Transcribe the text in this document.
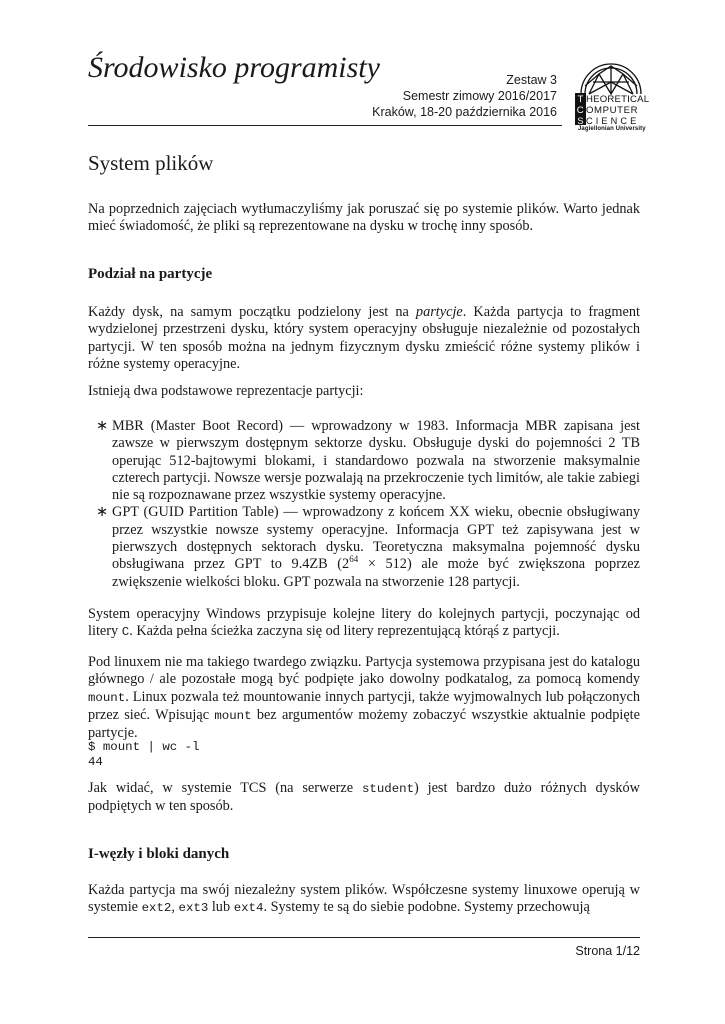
Środowisko programisty	Zestaw 3
Semestr zimowy 2016/2017
Kraków, 18-20 października 2016
T HEORETICAL
C OMPUTER
S CIENCE
Jagiellonian University
System plików

Na poprzednich zajęciach wytłumaczyliśmy jak poruszać się po systemie plików. Warto jednak mieć świadomość, że pliki są reprezentowane na dysku w trochę inny sposób.

Podział na partycje

Każdy dysk, na samym początku podzielony jest na partycje. Każda partycja to fragment wydzielonej przestrzeni dysku, który system operacyjny obsługuje niezależnie od pozostałych partycji. W ten sposób można na jednym fizycznym dysku zmieścić różne systemy plików i różne systemy operacyjne.

Istnieją dwa podstawowe reprezentacje partycji:

∗ MBR (Master Boot Record) — wprowadzony w 1983. Informacja MBR zapisana jest zawsze w pierwszym dostępnym sektorze dysku. Obsługuje dyski do pojemności 2 TB operując 512-bajtowymi blokami, i standardowo pozwala na stworzenie maksymalnie czterech partycji. Nowsze wersje pozwalają na przekroczenie tych limitów, ale takie zabiegi nie są rozpoznawane przez wszystkie systemy operacyjne.
∗ GPT (GUID Partition Table) — wprowadzony z końcem XX wieku, obecnie obsługiwany przez wszystkie nowsze systemy operacyjne. Informacja GPT też zapisywana jest w pierwszych dostępnych sektorach dysku. Teoretyczna maksymalna pojemność dysku obsługiwana przez GPT to 9.4ZB $(2^{64} \times 512)$ ale może być zwiększona poprzez zwiększenie wielkości bloku. GPT pozwala na stworzenie 128 partycji.

System operacyjny Windows przypisuje kolejne litery do kolejnych partycji, poczynając od litery C. Każda pełna ścieżka zaczyna się od litery reprezentującą którąś z partycji.

Pod linuxem nie ma takiego twardego związku. Partycja systemowa przypisana jest do katalogu głównego / ale pozostałe mogą być podpięte jako dowolny podkatalog, za pomocą komendy mount. Linux pozwala też mountowanie innych partycji, także wyjmowalnych lub połączonych przez sieć. Wpisując mount bez argumentów możemy zobaczyć wszystkie aktualnie podpięte partycje.

$ mount | wc -l
44

Jak widać, w systemie TCS (na serwerze student) jest bardzo dużo różnych dysków podpiętych w ten sposób.

I-węzły i bloki danych

Każda partycja ma swój niezależny system plików. Współczesne systemy linuxowe operują w systemie ext2, ext3 lub ext4. Systemy te są do siebie podobne. Systemy przechowują

Strona 1/12
